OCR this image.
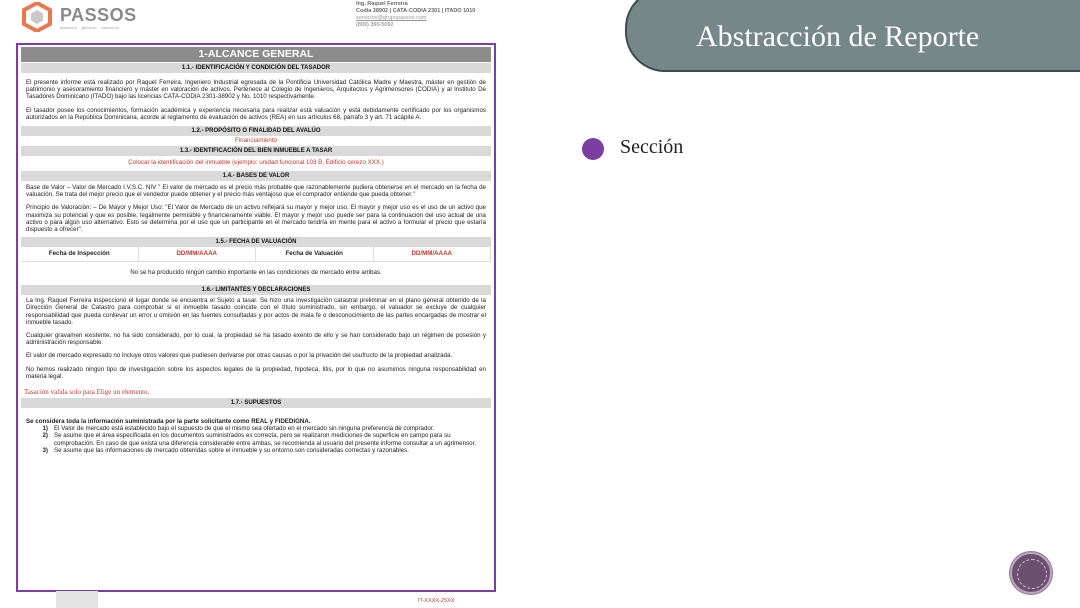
PASSOS
tasación · gestión · asesoría
Ing. Raquel Ferreira
Codia 38902 | CATA-CODIA 2301 | ITADO 1010
servicios@grupopassos.com
(809) 390-5092
1-ALCANCE GENERAL
1.1.- IDENTIFICACIÓN Y CONDICIÓN DEL TASADOR
El presente informe está realizado por Raquel Ferreira, Ingeniero Industrial egresada de la Pontificia Universidad Católica Madre y Maestra, máster en gestión de patrimonio y asesoramiento financiero y máster en valoración de activos. Pertenece al Colegio de Ingenieros, Arquitectos y Agrimensores (CODIA) y al Instituto De Tasadores Dominicano (ITADO) bajo las licencias CATA-CODIA 2301-38902 y No. 1010 respectivamente.
El tasador posee los conocimientos, formación académica y experiencia necesaria para realizar está valuación y está debidamente certificado por los organismos autorizados en la República Dominicana, acorde al reglamento de evaluación de activos (REA) en sus artículos 68, párrafo 3 y art. 71 acápite A.
1.2.- PROPÓSITO O FINALIDAD DEL AVALÚO
Financiamiento
1.3.- IDENTIFICACIÓN DEL BIEN INMUEBLE A TASAR
Colocar la identificación del inmueble (ejemplo: unidad funcional 103 B, Edificio cerezo XXX.)
1.4.- BASES DE VALOR
Base de Valor – Valor de Mercado I.V.S.C. NIV " El valor de mercado es el precio más probable que razonablemente pudiera obtenerse en el mercado en la fecha de valuación. Se trata del mejor precio que el vendedor puede obtener y el precio más ventajoso que el comprador entiende que pueda obtener."
Principio de Valoración: – De Mayor y Mejor Uso: "El Valor de Mercado de un activo reflejará su mayor y mejor uso. El mayor y mejor uso es el uso de un activo que maximiza su potencial y que es posible, legalmente permisible y financieramente viable. El mayor y mejor uso puede ser para la continuación del uso actual de una activo o para algún uso alternativo. Esto se determina por el uso que un participante en el mercado tendría en mente para el activo a formular el precio que estaría dispuesto a ofrecer".
1.5.- FECHA DE VALUACIÓN
Fecha de Inspección	DD/MM/AAAA	Fecha de Valuación	DD/MM/AAAA
No se ha producido ningún cambio importante en las condiciones de mercado entre ambas.
1.6.- LIMITANTES Y DECLARACIONES
La Ing. Raquel Ferreira inspeccionó el lugar donde se encuentra el Sujeto a tasar. Se hizo una investigación catastral preliminar en el plano general obtenido de la Dirección General de Catastro para comprobar si el inmueble tasado coincide con el título suministrado, sin embargo, el valuador se excluye de cualquier responsabilidad que pueda conllevar un error u omisión en las fuentes consultadas y por actos de mala fe o desconocimiento de las partes encargadas de mostrar el inmueble tasado.
Cualquier gravamen existente, no ha sido considerado, por lo cual, la propiedad se ha tasado exento de ello y se han considerado bajo un régimen de posesión y administración responsable.
El valor de mercado expresado no incluye otros valores que pudiesen derivarse por otras causas o por la privación del usufructo de la propiedad analizada.
No hemos realizado ningún tipo de investigación sobre los aspectos legales de la propiedad, hipoteca, litis, por lo que no asumimos ninguna responsabilidad en materia legal.
Tasación valida solo para Elige un elemento.
1.7.- SUPUESTOS
Se considera toda la información suministrada por la parte solicitante como REAL y FIDEDIGNA.
1) El Valor de mercado está establecido bajo el supuesto de que el mismo sea ofertado en el mercado sin ninguna preferencia de comprador.
2) Se asume que el área especificada en los documentos suministrados es correcta, pero se realizaron mediciones de superficie en campo para su comprobación. En caso de que exista una diferencia considerable entre ambas, se recomienda al usuario del presente informe consultar a un agrimensor.
3) Se asume que las informaciones de mercado obtenidas sobre el inmueble y su entorno son consideradas correctas y razonables.
IT-XXXX-25XX
Abstracción de Reporte
Sección
